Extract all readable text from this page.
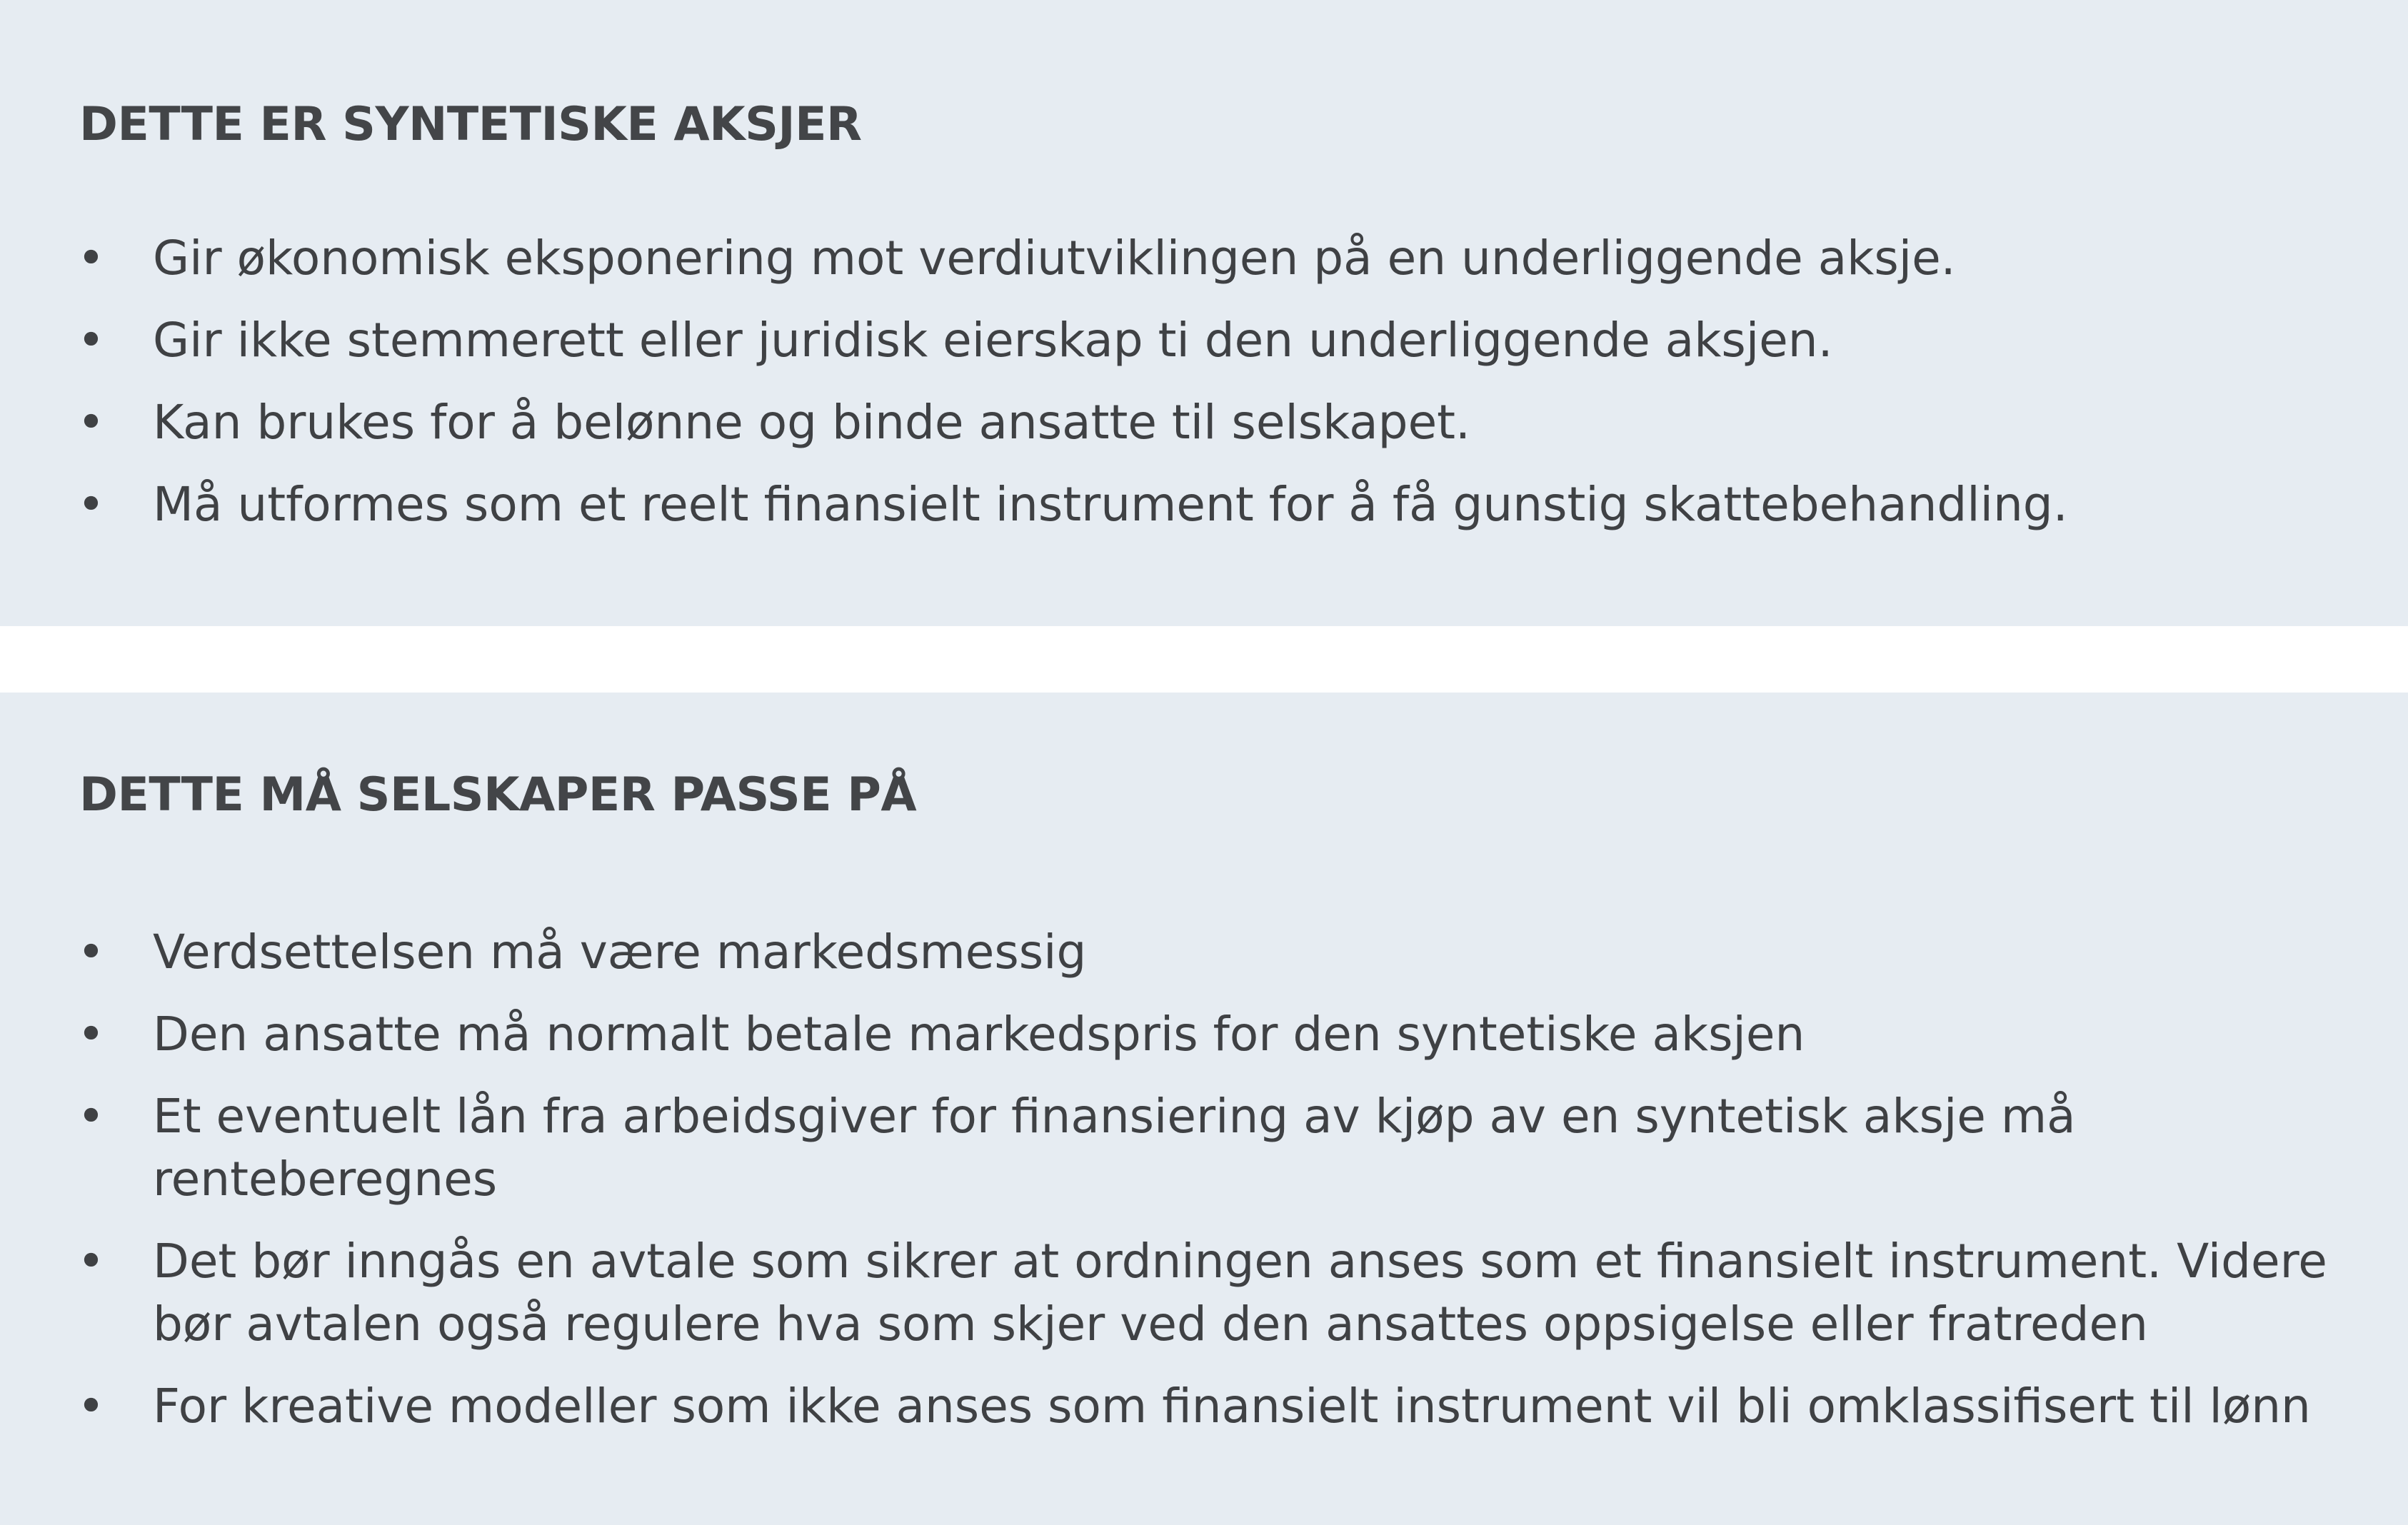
DETTE ER SYNTETISKE AKSJER
• Gir økonomisk eksponering mot verdiutviklingen på en underliggende aksje.
• Gir ikke stemmerett eller juridisk eierskap ti den underliggende aksjen.
• Kan brukes for å belønne og binde ansatte til selskapet.
• Må utformes som et reelt finansielt instrument for å få gunstig skattebehandling.
DETTE MÅ SELSKAPER PASSE PÅ
• Verdsettelsen må være markedsmessig
• Den ansatte må normalt betale markedspris for den syntetiske aksjen
• Et eventuelt lån fra arbeidsgiver for finansiering av kjøp av en syntetisk aksje må renteberegnes
• Det bør inngås en avtale som sikrer at ordningen anses som et finansielt instrument. Videre bør avtalen også regulere hva som skjer ved den ansattes oppsigelse eller fratreden
• For kreative modeller som ikke anses som finansielt instrument vil bli omklassifisert til lønn
